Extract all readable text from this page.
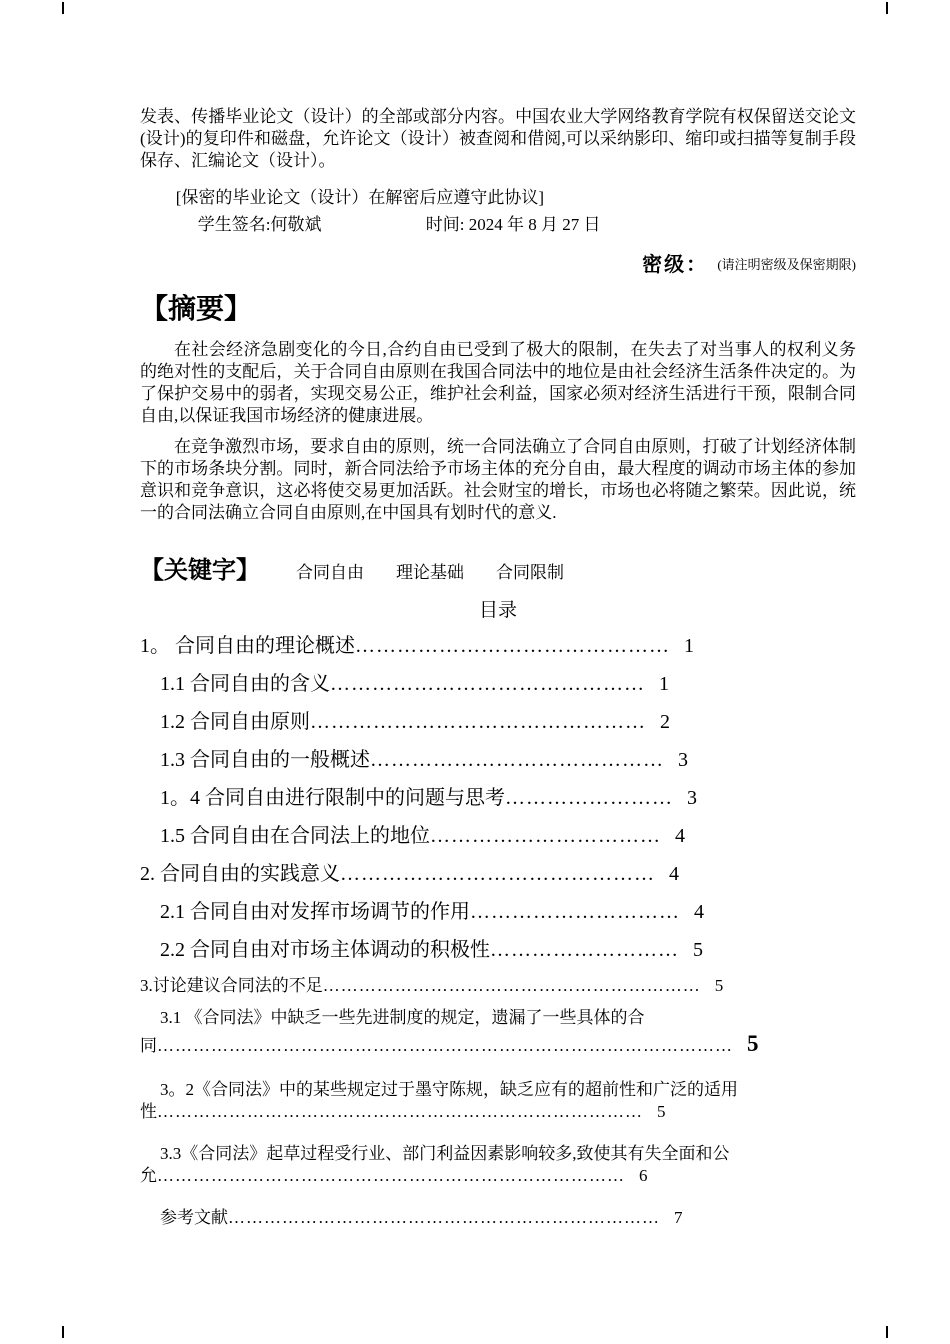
发表、传播毕业论文（设计）的全部或部分内容。中国农业大学网络教育学院有权保留送交论文(设计)的复印件和磁盘，允许论文（设计）被查阅和借阅,可以采纳影印、缩印或扫描等复制手段保存、汇编论文（设计）。

[保密的毕业论文（设计）在解密后应遵守此协议]

学生签名:何敬斌	时间: 2024 年 8 月 27 日

密级： (请注明密级及保密期限)

【摘要】

在社会经济急剧变化的今日,合约自由已受到了极大的限制，在失去了对当事人的权利义务的绝对性的支配后，关于合同自由原则在我国合同法中的地位是由社会经济生活条件决定的。为了保护交易中的弱者，实现交易公正，维护社会利益，国家必须对经济生活进行干预，限制合同自由,以保证我国市场经济的健康进展。

在竞争激烈市场，要求自由的原则，统一合同法确立了合同自由原则，打破了计划经济体制下的市场条块分割。同时，新合同法给予市场主体的充分自由，最大程度的调动市场主体的参加意识和竞争意识，这必将使交易更加活跃。社会财宝的增长，市场也必将随之繁荣。因此说，统一的合同法确立合同自由原则,在中国具有划时代的意义.

【关键字】 合同自由 理论基础 合同限制
目录
1。 合同自由的理论概述……………………………………… 1
1.1 合同自由的含义……………………………………… 1
1.2 合同自由原则………………………………………… 2
1.3 合同自由的一般概述…………………………………… 3
1。4 合同自由进行限制中的问题与思考…………………… 3
1.5 合同自由在合同法上的地位…………………………… 4
2. 合同自由的实践意义……………………………………… 4
2.1 合同自由对发挥市场调节的作用………………………… 4
2.2 合同自由对市场主体调动的积极性……………………… 5
3.讨论建议合同法的不足……………………………………………………… 5
3.1 《合同法》中缺乏一些先进制度的规定，遗漏了一些具体的合同…………………………………………………………………………………… 5
3。2《合同法》中的某些规定过于墨守陈规，缺乏应有的超前性和广泛的适用性……………………………………………………………………… 5
3.3《合同法》起草过程受行业、部门利益因素影响较多,致使其有失全面和公允…………………………………………………………………… 6
参考文献……………………………………………………………… 7
